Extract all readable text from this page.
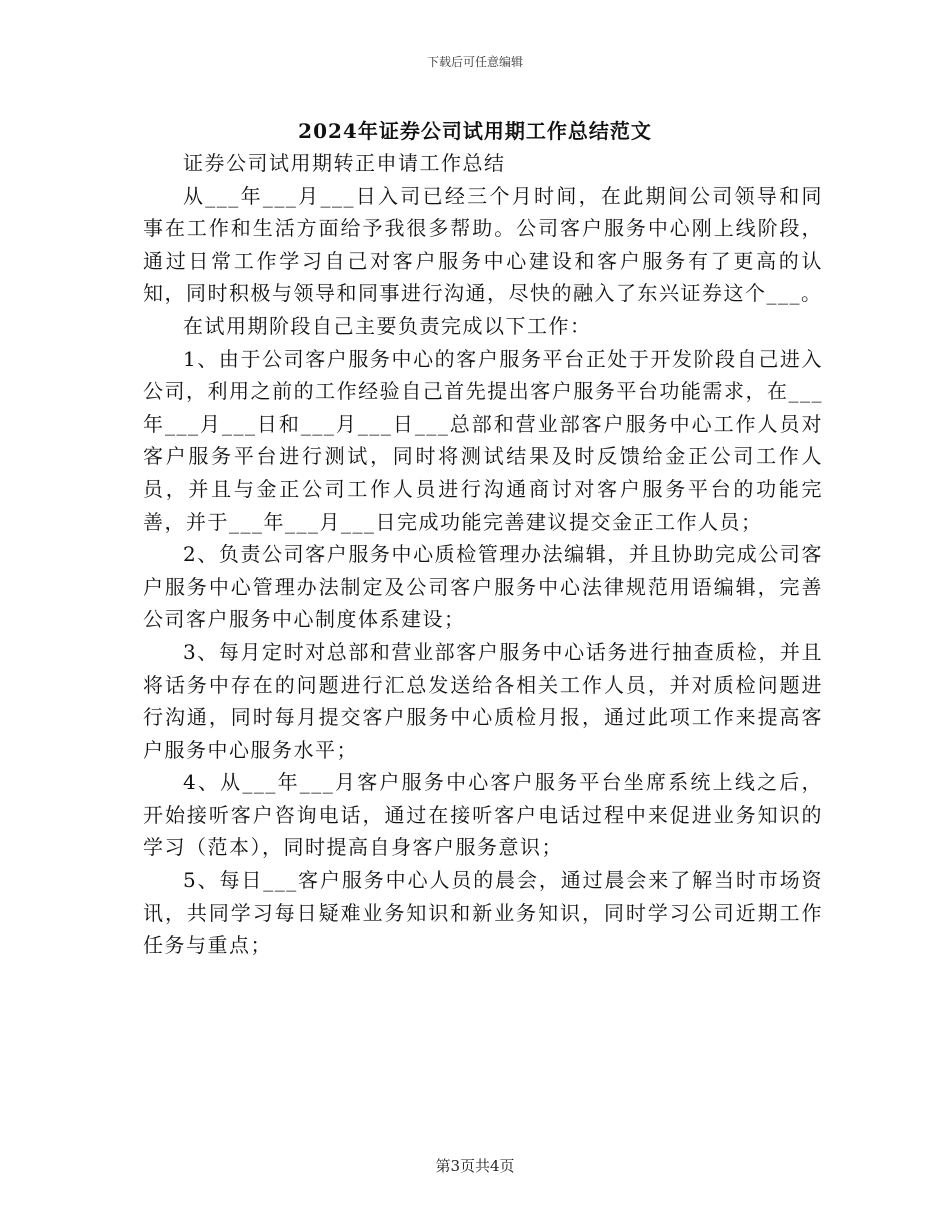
下载后可任意编辑
2024年证券公司试用期工作总结范文

证券公司试用期转正申请工作总结

从___年___月___日入司已经三个月时间，在此期间公司领导和同事在工作和生活方面给予我很多帮助。公司客户服务中心刚上线阶段，通过日常工作学习自己对客户服务中心建设和客户服务有了更高的认知，同时积极与领导和同事进行沟通，尽快的融入了东兴证券这个___。

在试用期阶段自己主要负责完成以下工作：

1、由于公司客户服务中心的客户服务平台正处于开发阶段自己进入公司，利用之前的工作经验自己首先提出客户服务平台功能需求，在___年___月___日和___月___日___总部和营业部客户服务中心工作人员对客户服务平台进行测试，同时将测试结果及时反馈给金正公司工作人员，并且与金正公司工作人员进行沟通商讨对客户服务平台的功能完善，并于___年___月___日完成功能完善建议提交金正工作人员；

2、负责公司客户服务中心质检管理办法编辑，并且协助完成公司客户服务中心管理办法制定及公司客户服务中心法律规范用语编辑，完善公司客户服务中心制度体系建设；

3、每月定时对总部和营业部客户服务中心话务进行抽查质检，并且将话务中存在的问题进行汇总发送给各相关工作人员，并对质检问题进行沟通，同时每月提交客户服务中心质检月报，通过此项工作来提高客户服务中心服务水平；

4、从___年___月客户服务中心客户服务平台坐席系统上线之后，开始接听客户咨询电话，通过在接听客户电话过程中来促进业务知识的学习（范本），同时提高自身客户服务意识；

5、每日___客户服务中心人员的晨会，通过晨会来了解当时市场资讯，共同学习每日疑难业务知识和新业务知识，同时学习公司近期工作任务与重点；

第3页共4页
